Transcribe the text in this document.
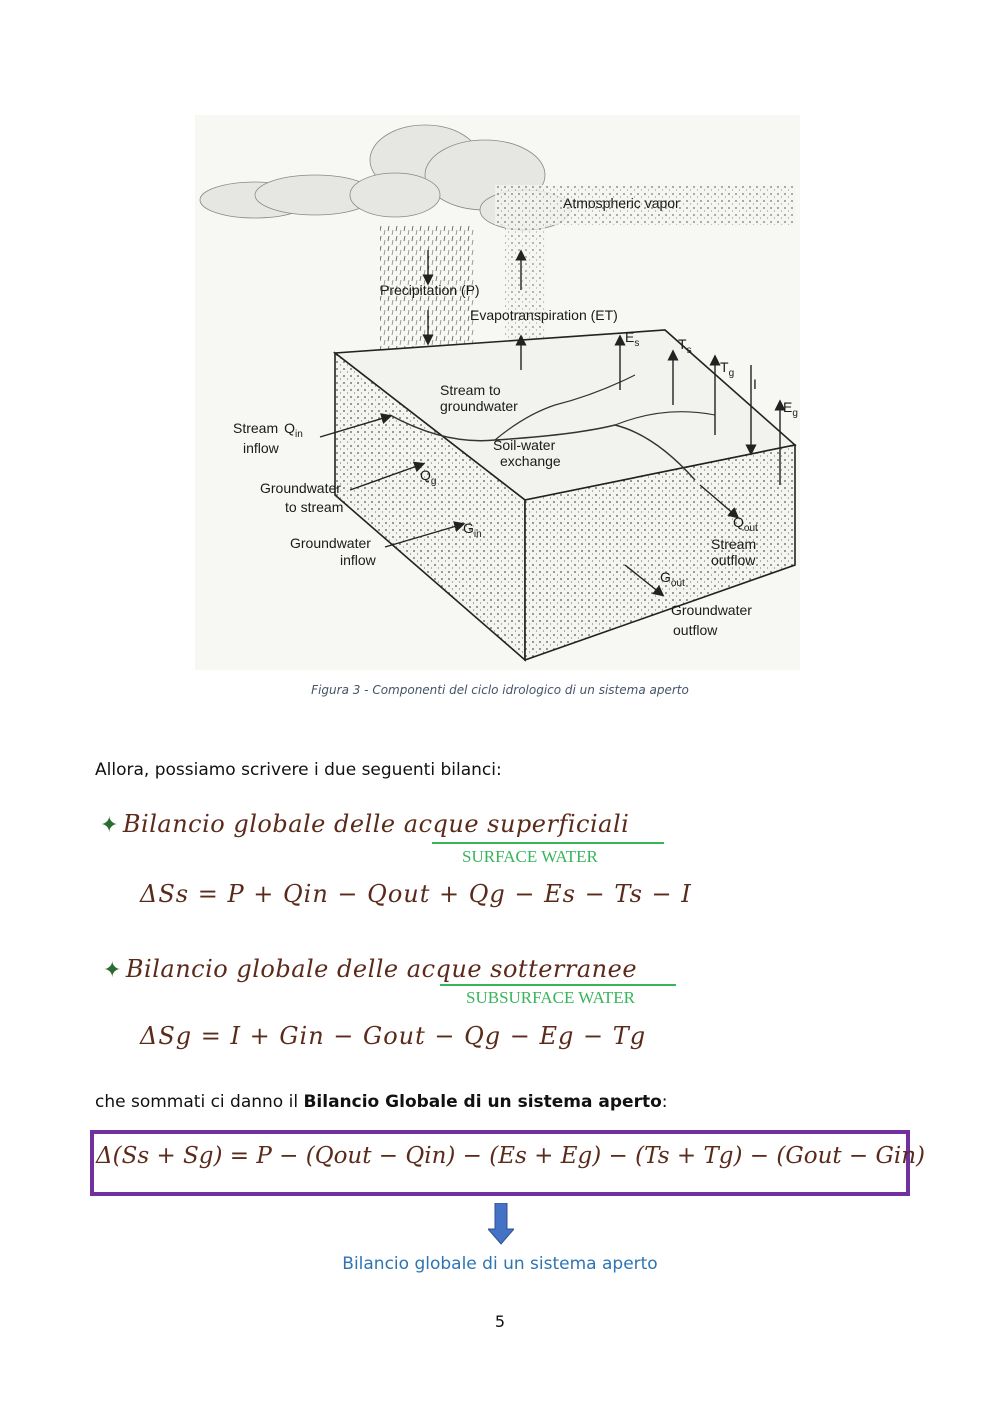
Atmospheric vapor
Precipitation (P)
Evapotranspiration (ET)
$E_s$	$T_s$
$T_g$
I
$E_g$
Stream to
groundwater
Stream $Q_{in}$
inflow	Soil-water
exchange
$Q_g$
Groundwater
to stream
$G_{in}$
Groundwater
inflow
$Q_{out}$
Stream
outflow
$G_{out}$
Groundwater
outflow
Figura 3 - Componenti del ciclo idrologico di un sistema aperto
Allora, possiamo scrivere i due seguenti bilanci:
✦ Bilancio globale delle acque superficiali
SURFACE WATER
ΔSs = P + Qin − Qout + Qg − Es − Ts − I
✦ Bilancio globale delle acque sotterranee
SUBSURFACE WATER
ΔSg = I + Gin − Gout − Qg − Eg − Tg
che sommati ci danno il Bilancio Globale di un sistema aperto:
Δ(Ss + Sg) = P − (Qout − Qin) − (Es + Eg) − (Ts + Tg) − (Gout − Gin)
Bilancio globale di un sistema aperto
5
